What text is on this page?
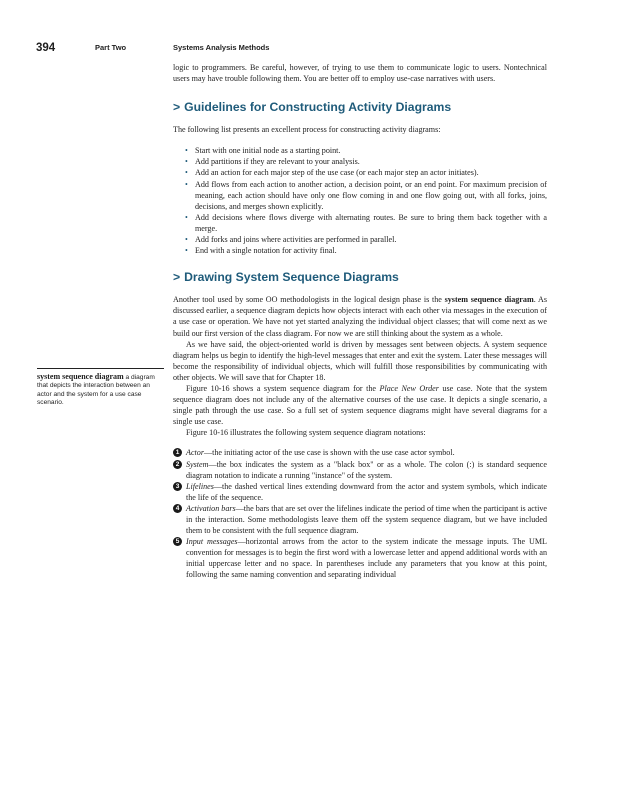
394	Part Two	Systems Analysis Methods
system sequence diagram a diagram that depicts the interaction between an actor and the system for a use case scenario.

logic to programmers. Be careful, however, of trying to use them to communicate logic to users. Nontechnical users may have trouble following them. You are better off to employ use-case narratives with users.

> Guidelines for Constructing Activity Diagrams

The following list presents an excellent process for constructing activity diagrams:

• Start with one initial node as a starting point.
• Add partitions if they are relevant to your analysis.
• Add an action for each major step of the use case (or each major step an actor initiates).
• Add flows from each action to another action, a decision point, or an end point. For maximum precision of meaning, each action should have only one flow coming in and one flow going out, with all forks, joins, decisions, and merges shown explicitly.
• Add decisions where flows diverge with alternating routes. Be sure to bring them back together with a merge.
• Add forks and joins where activities are performed in parallel.
• End with a single notation for activity final.
> Drawing System Sequence Diagrams

Another tool used by some OO methodologists in the logical design phase is the system sequence diagram. As discussed earlier, a sequence diagram depicts how objects interact with each other via messages in the execution of a use case or operation. We have not yet started analyzing the individual object classes; that will come next as we build our first version of the class diagram. For now we are still thinking about the system as a whole.

As we have said, the object-oriented world is driven by messages sent between objects. A system sequence diagram helps us begin to identify the high-level messages that enter and exit the system. Later these messages will become the responsibility of individual objects, which will fulfill those responsibilities by communicating with other objects. We will save that for Chapter 18.

Figure 10-16 shows a system sequence diagram for the Place New Order use case. Note that the system sequence diagram does not include any of the alternative courses of the use case. It depicts a single scenario, a single path through the use case. So a full set of system sequence diagrams might have several diagrams for a single use case.

Figure 10-16 illustrates the following system sequence diagram notations:

1 Actor—the initiating actor of the use case is shown with the use case actor symbol.
2 System—the box indicates the system as a "black box" or as a whole. The colon (:) is standard sequence diagram notation to indicate a running "instance" of the system.
3 Lifelines—the dashed vertical lines extending downward from the actor and system symbols, which indicate the life of the sequence.
4 Activation bars—the bars that are set over the lifelines indicate the period of time when the participant is active in the interaction. Some methodologists leave them off the system sequence diagram, but we have included them to be consistent with the full sequence diagram.
5 Input messages—horizontal arrows from the actor to the system indicate the message inputs. The UML convention for messages is to begin the first word with a lowercase letter and append additional words with an initial uppercase letter and no space. In parentheses include any parameters that you know at this point, following the same naming convention and separating individual
